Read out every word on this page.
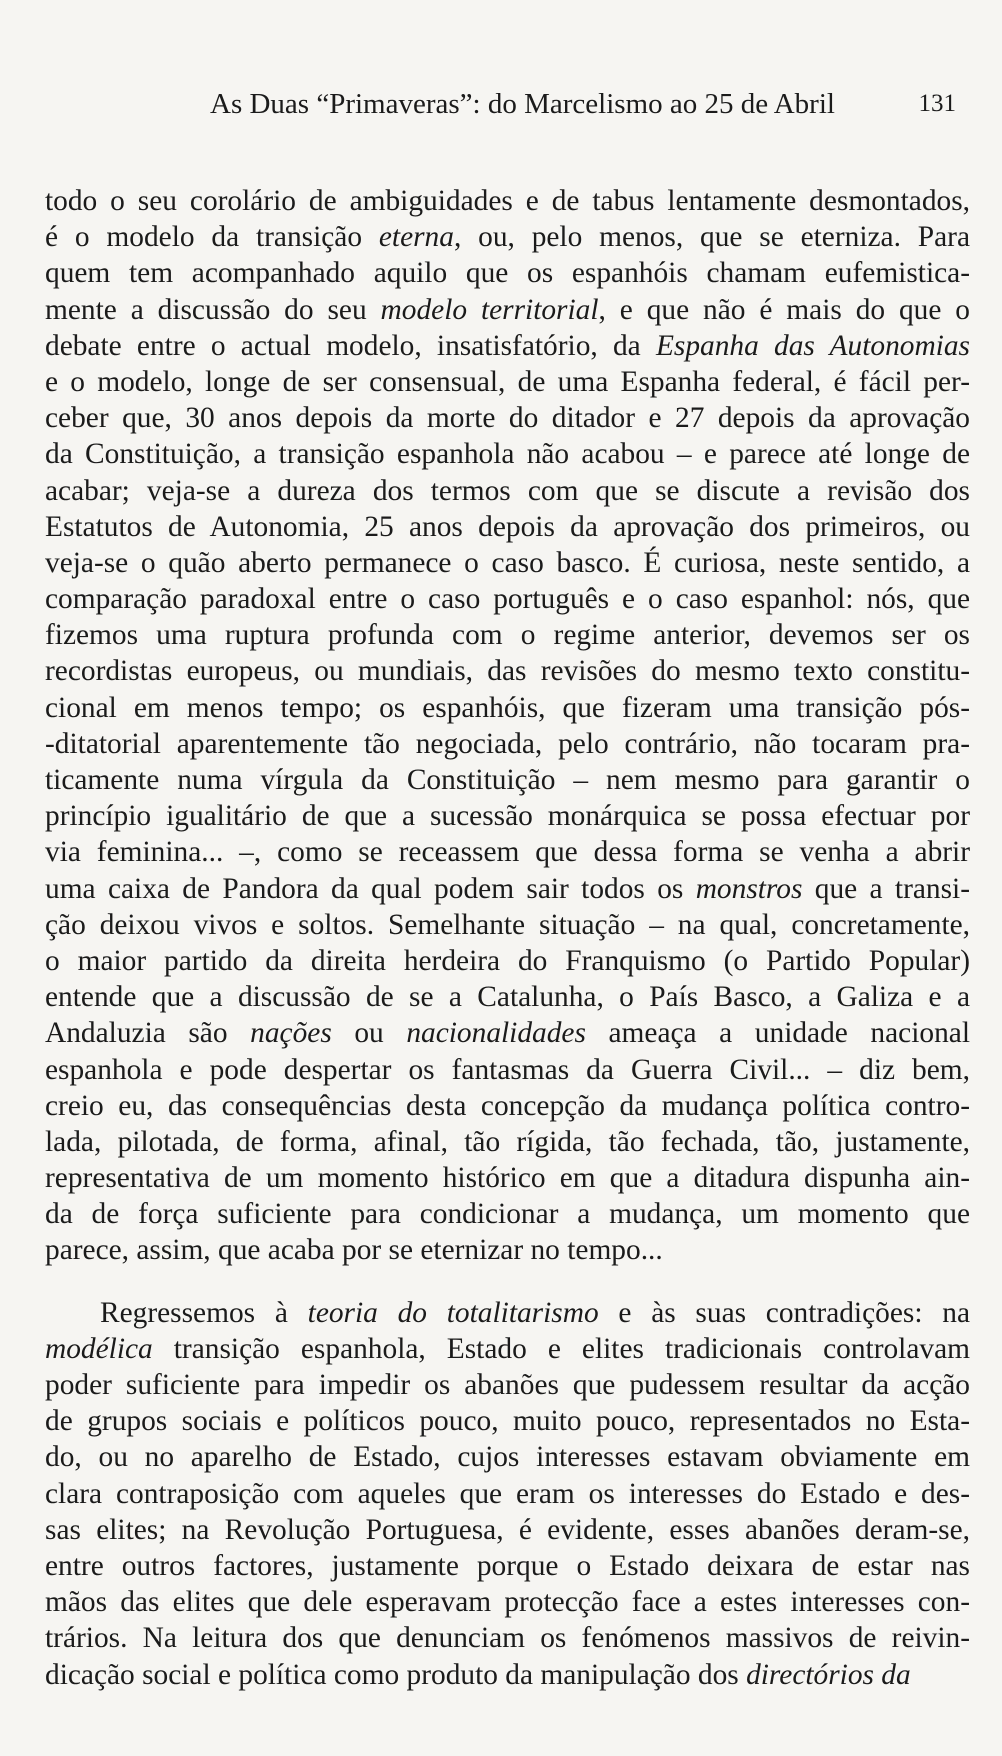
As Duas “Primaveras”: do Marcelismo ao 25 de Abril	131

todo o seu corolário de ambiguidades e de tabus lentamente desmontados,
é o modelo da transição eterna, ou, pelo menos, que se eterniza. Para
quem tem acompanhado aquilo que os espanhóis chamam eufemistica-
mente a discussão do seu modelo territorial, e que não é mais do que o
debate entre o actual modelo, insatisfatório, da Espanha das Autonomias
e o modelo, longe de ser consensual, de uma Espanha federal, é fácil per-
ceber que, 30 anos depois da morte do ditador e 27 depois da aprovação
da Constituição, a transição espanhola não acabou – e parece até longe de
acabar; veja-se a dureza dos termos com que se discute a revisão dos
Estatutos de Autonomia, 25 anos depois da aprovação dos primeiros, ou
veja-se o quão aberto permanece o caso basco. É curiosa, neste sentido, a
comparação paradoxal entre o caso português e o caso espanhol: nós, que
fizemos uma ruptura profunda com o regime anterior, devemos ser os
recordistas europeus, ou mundiais, das revisões do mesmo texto constitu-
cional em menos tempo; os espanhóis, que fizeram uma transição pós-
-ditatorial aparentemente tão negociada, pelo contrário, não tocaram pra-
ticamente numa vírgula da Constituição – nem mesmo para garantir o
princípio igualitário de que a sucessão monárquica se possa efectuar por
via feminina... –, como se receassem que dessa forma se venha a abrir
uma caixa de Pandora da qual podem sair todos os monstros que a transi-
ção deixou vivos e soltos. Semelhante situação – na qual, concretamente,
o maior partido da direita herdeira do Franquismo (o Partido Popular)
entende que a discussão de se a Catalunha, o País Basco, a Galiza e a
Andaluzia são nações ou nacionalidades ameaça a unidade nacional
espanhola e pode despertar os fantasmas da Guerra Civil... – diz bem,
creio eu, das consequências desta concepção da mudança política contro-
lada, pilotada, de forma, afinal, tão rígida, tão fechada, tão, justamente,
representativa de um momento histórico em que a ditadura dispunha ain-
da de força suficiente para condicionar a mudança, um momento que
parece, assim, que acaba por se eternizar no tempo...

Regressemos à teoria do totalitarismo e às suas contradições: na
modélica transição espanhola, Estado e elites tradicionais controlavam
poder suficiente para impedir os abanões que pudessem resultar da acção
de grupos sociais e políticos pouco, muito pouco, representados no Esta-
do, ou no aparelho de Estado, cujos interesses estavam obviamente em
clara contraposição com aqueles que eram os interesses do Estado e des-
sas elites; na Revolução Portuguesa, é evidente, esses abanões deram-se,
entre outros factores, justamente porque o Estado deixara de estar nas
mãos das elites que dele esperavam protecção face a estes interesses con-
trários. Na leitura dos que denunciam os fenómenos massivos de reivin-
dicação social e política como produto da manipulação dos directórios da
